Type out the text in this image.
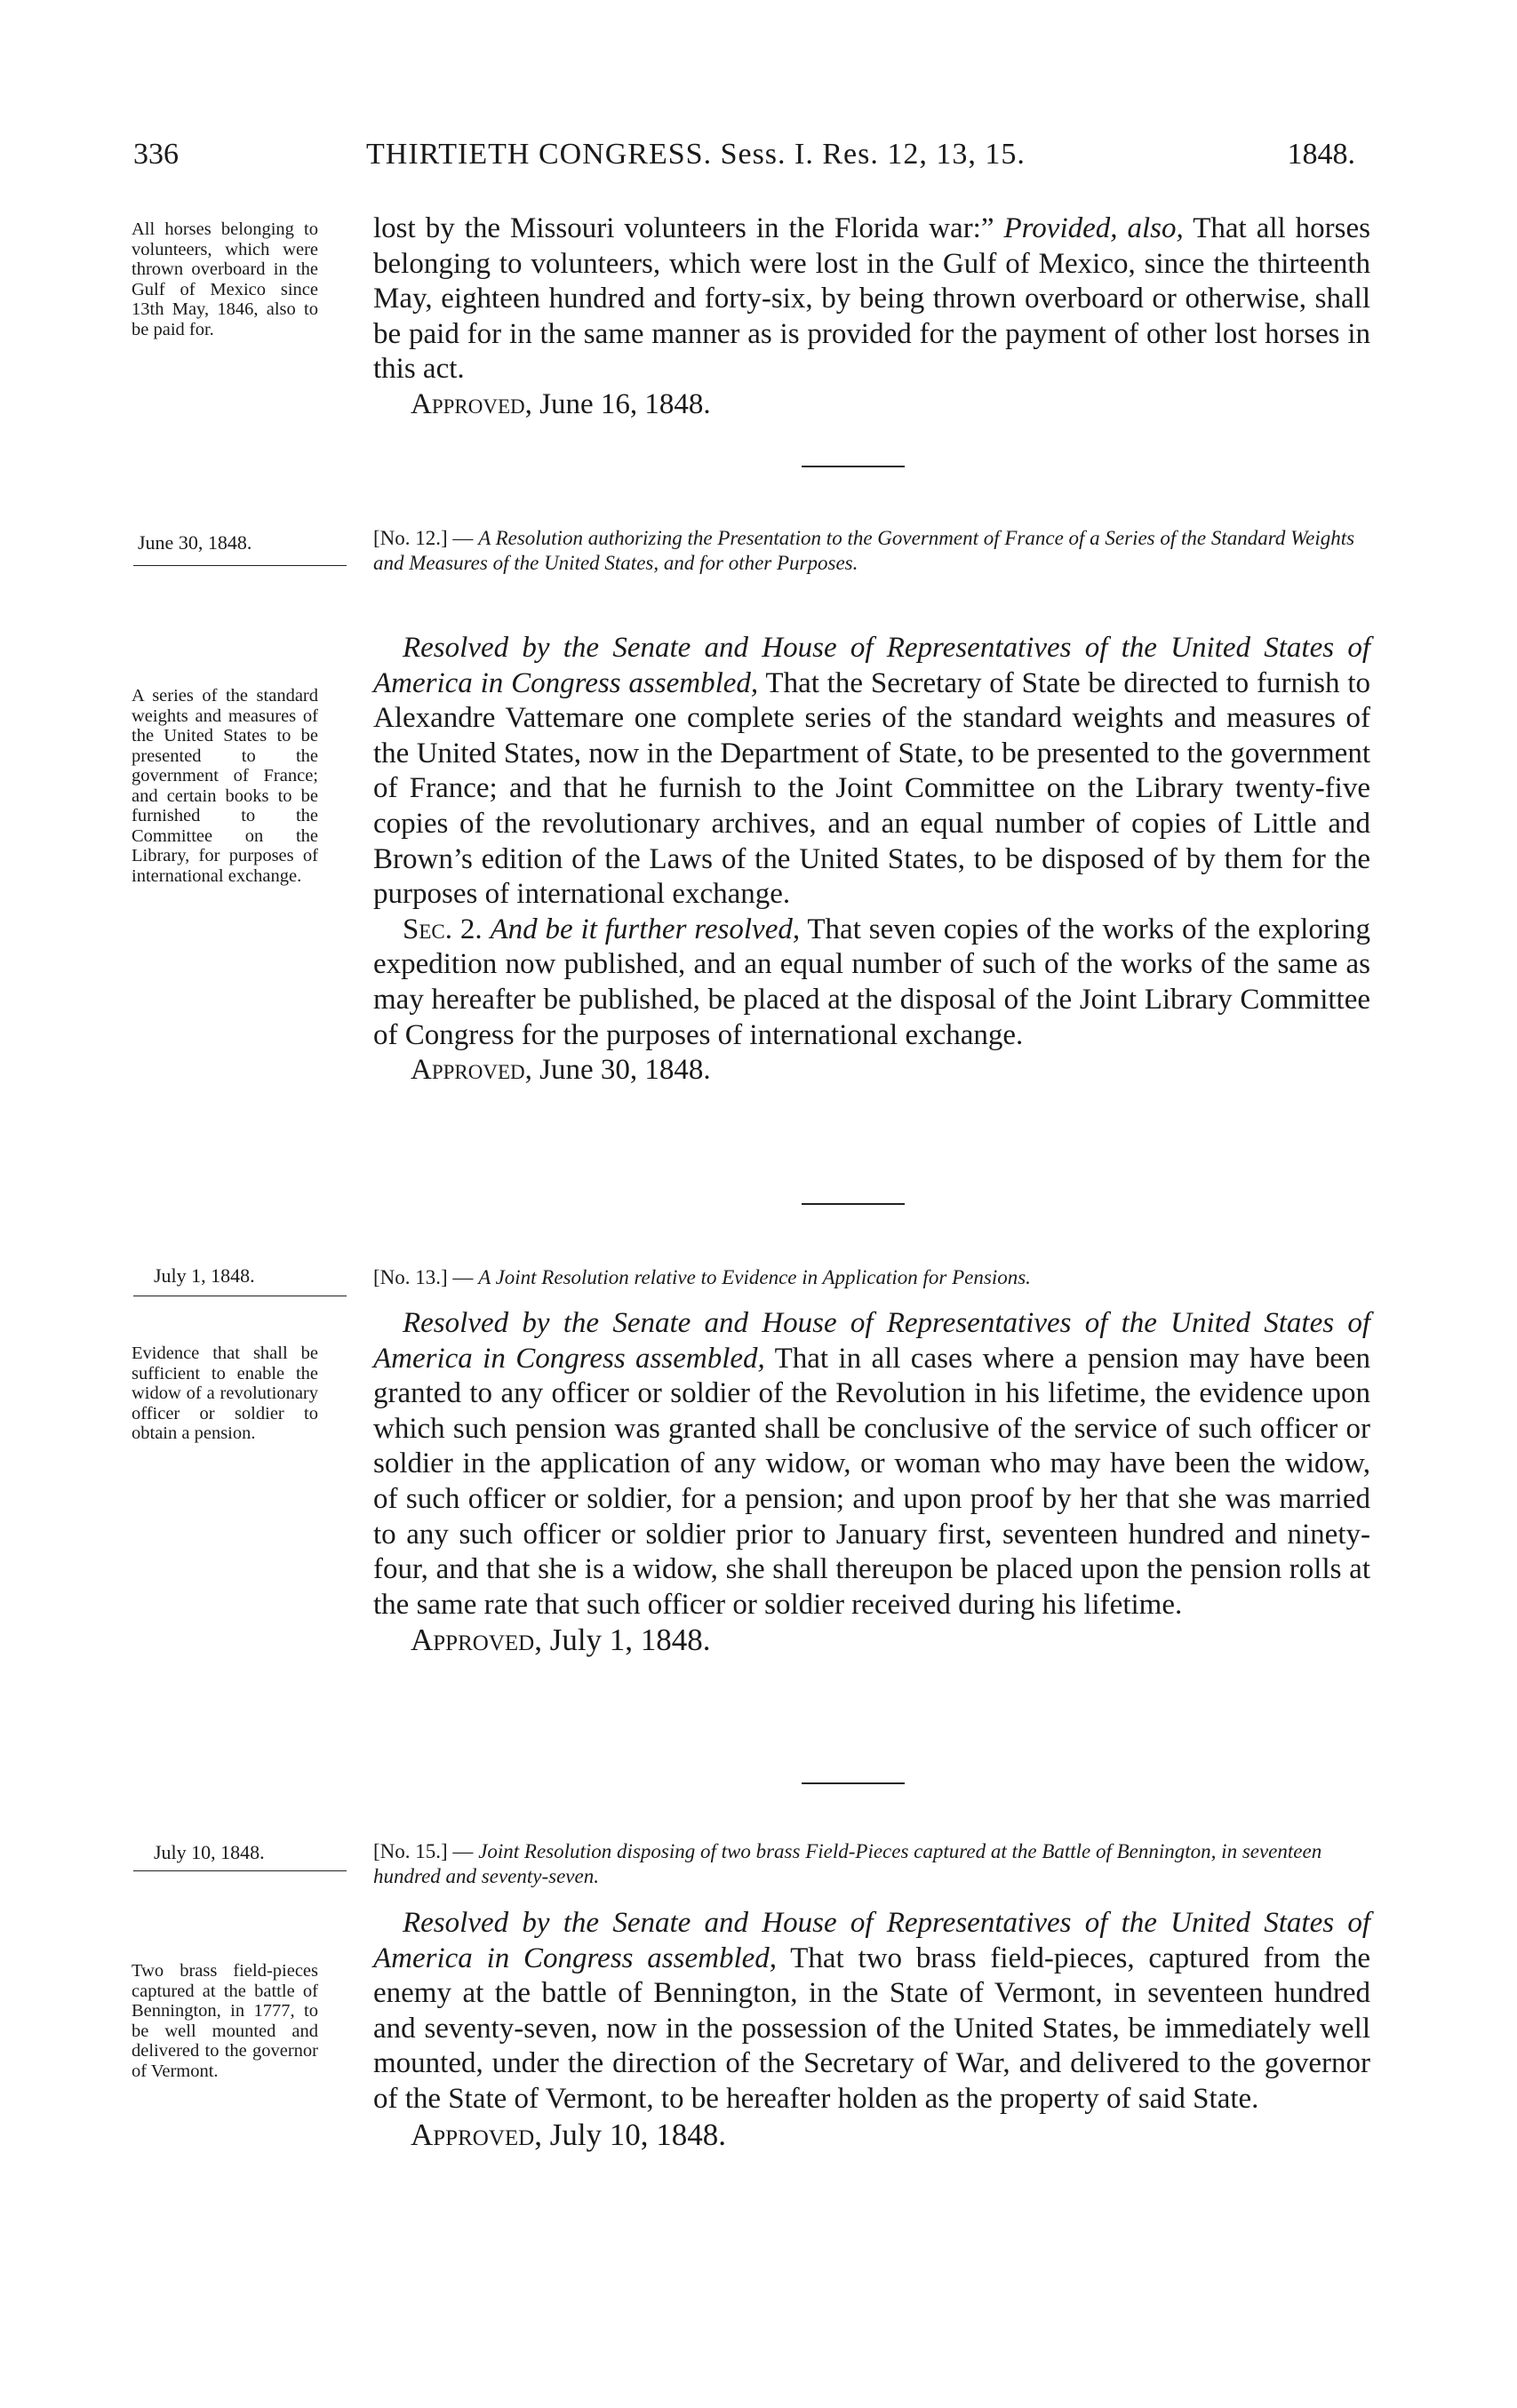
336	THIRTIETH CONGRESS. Sess. I. Res. 12, 13, 15.	1848.
All horses belonging to volunteers, which were thrown overboard in the Gulf of Mexico since 13th May, 1846, also to be paid for.

lost by the Missouri volunteers in the Florida war:” Provided, also, That all horses belonging to volunteers, which were lost in the Gulf of Mexico, since the thirteenth May, eighteen hundred and forty-six, by being thrown overboard or otherwise, shall be paid for in the same manner as is provided for the payment of other lost horses in this act.

Approved, June 16, 1848.

June 30, 1848.	[No. 12.] — A Resolution authorizing the Presentation to the Government of France of a Series of the Standard Weights and Measures of the United States, and for other Purposes.
A series of the standard weights and measures of the United States to be presented to the government of France; and certain books to be furnished to the Committee on the Library, for purposes of international exchange.

Resolved by the Senate and House of Representatives of the United States of America in Congress assembled, That the Secretary of State be directed to furnish to Alexandre Vattemare one complete series of the standard weights and measures of the United States, now in the Department of State, to be presented to the government of France; and that he furnish to the Joint Committee on the Library twenty-five copies of the revolutionary archives, and an equal number of copies of Little and Brown’s edition of the Laws of the United States, to be disposed of by them for the purposes of international exchange.

Sec. 2. And be it further resolved, That seven copies of the works of the exploring expedition now published, and an equal number of such of the works of the same as may hereafter be published, be placed at the disposal of the Joint Library Committee of Congress for the purposes of international exchange.

Approved, June 30, 1848.

July 1, 1848.	[No. 13.] — A Joint Resolution relative to Evidence in Application for Pensions.
Evidence that shall be sufficient to enable the widow of a revolutionary officer or soldier to obtain a pension.

Resolved by the Senate and House of Representatives of the United States of America in Congress assembled, That in all cases where a pension may have been granted to any officer or soldier of the Revolution in his lifetime, the evidence upon which such pension was granted shall be conclusive of the service of such officer or soldier in the application of any widow, or woman who may have been the widow, of such officer or soldier, for a pension; and upon proof by her that she was married to any such officer or soldier prior to January first, seventeen hundred and ninety-four, and that she is a widow, she shall thereupon be placed upon the pension rolls at the same rate that such officer or soldier received during his lifetime.

Approved, July 1, 1848.

July 10, 1848.	[No. 15.] — Joint Resolution disposing of two brass Field-Pieces captured at the Battle of Bennington, in seventeen hundred and seventy-seven.
Two brass field-pieces captured at the battle of Bennington, in 1777, to be well mounted and delivered to the governor of Vermont.

Resolved by the Senate and House of Representatives of the United States of America in Congress assembled, That two brass field-pieces, captured from the enemy at the battle of Bennington, in the State of Vermont, in seventeen hundred and seventy-seven, now in the possession of the United States, be immediately well mounted, under the direction of the Secretary of War, and delivered to the governor of the State of Vermont, to be hereafter holden as the property of said State.

Approved, July 10, 1848.
